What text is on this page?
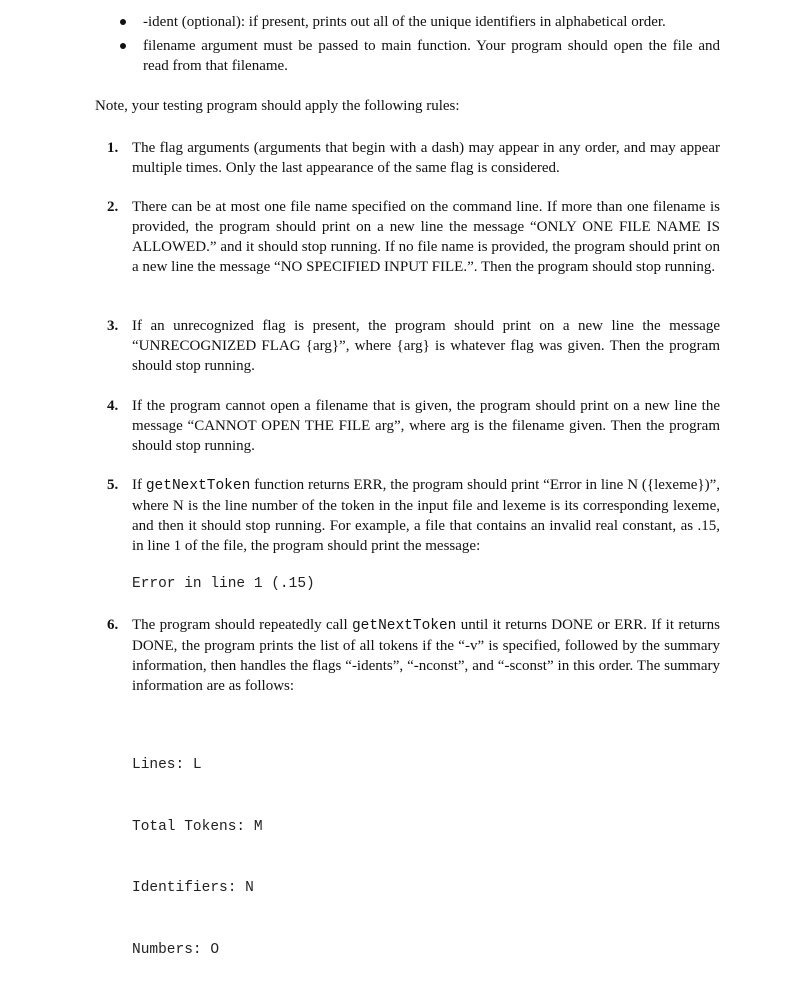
-ident (optional): if present, prints out all of the unique identifiers in alphabetical order.
filename argument must be passed to main function. Your program should open the file and read from that filename.
Note, your testing program should apply the following rules:
1. The flag arguments (arguments that begin with a dash) may appear in any order, and may appear multiple times. Only the last appearance of the same flag is considered.
2. There can be at most one file name specified on the command line. If more than one filename is provided, the program should print on a new line the message “ONLY ONE FILE NAME IS ALLOWED.” and it should stop running. If no file name is provided, the program should print on a new line the message “NO SPECIFIED INPUT FILE.”. Then the program should stop running.
3. If an unrecognized flag is present, the program should print on a new line the message “UNRECOGNIZED FLAG {arg}”, where {arg} is whatever flag was given. Then the program should stop running.
4. If the program cannot open a filename that is given, the program should print on a new line the message “CANNOT OPEN THE FILE arg”, where arg is the filename given. Then the program should stop running.
5. If getNextToken function returns ERR, the program should print “Error in line N ({lexeme})”, where N is the line number of the token in the input file and lexeme is its corresponding lexeme, and then it should stop running. For example, a file that contains an invalid real constant, as .15, in line 1 of the file, the program should print the message:
Error in line 1 (.15)
6. The program should repeatedly call getNextToken until it returns DONE or ERR. If it returns DONE, the program prints the list of all tokens if the “-v” is specified, followed by the summary information, then handles the flags “-idents”, “-nconst”, and “-sconst” in this order. The summary information are as follows:

Lines: L

Total Tokens: M

Identifiers: N

Numbers: O
